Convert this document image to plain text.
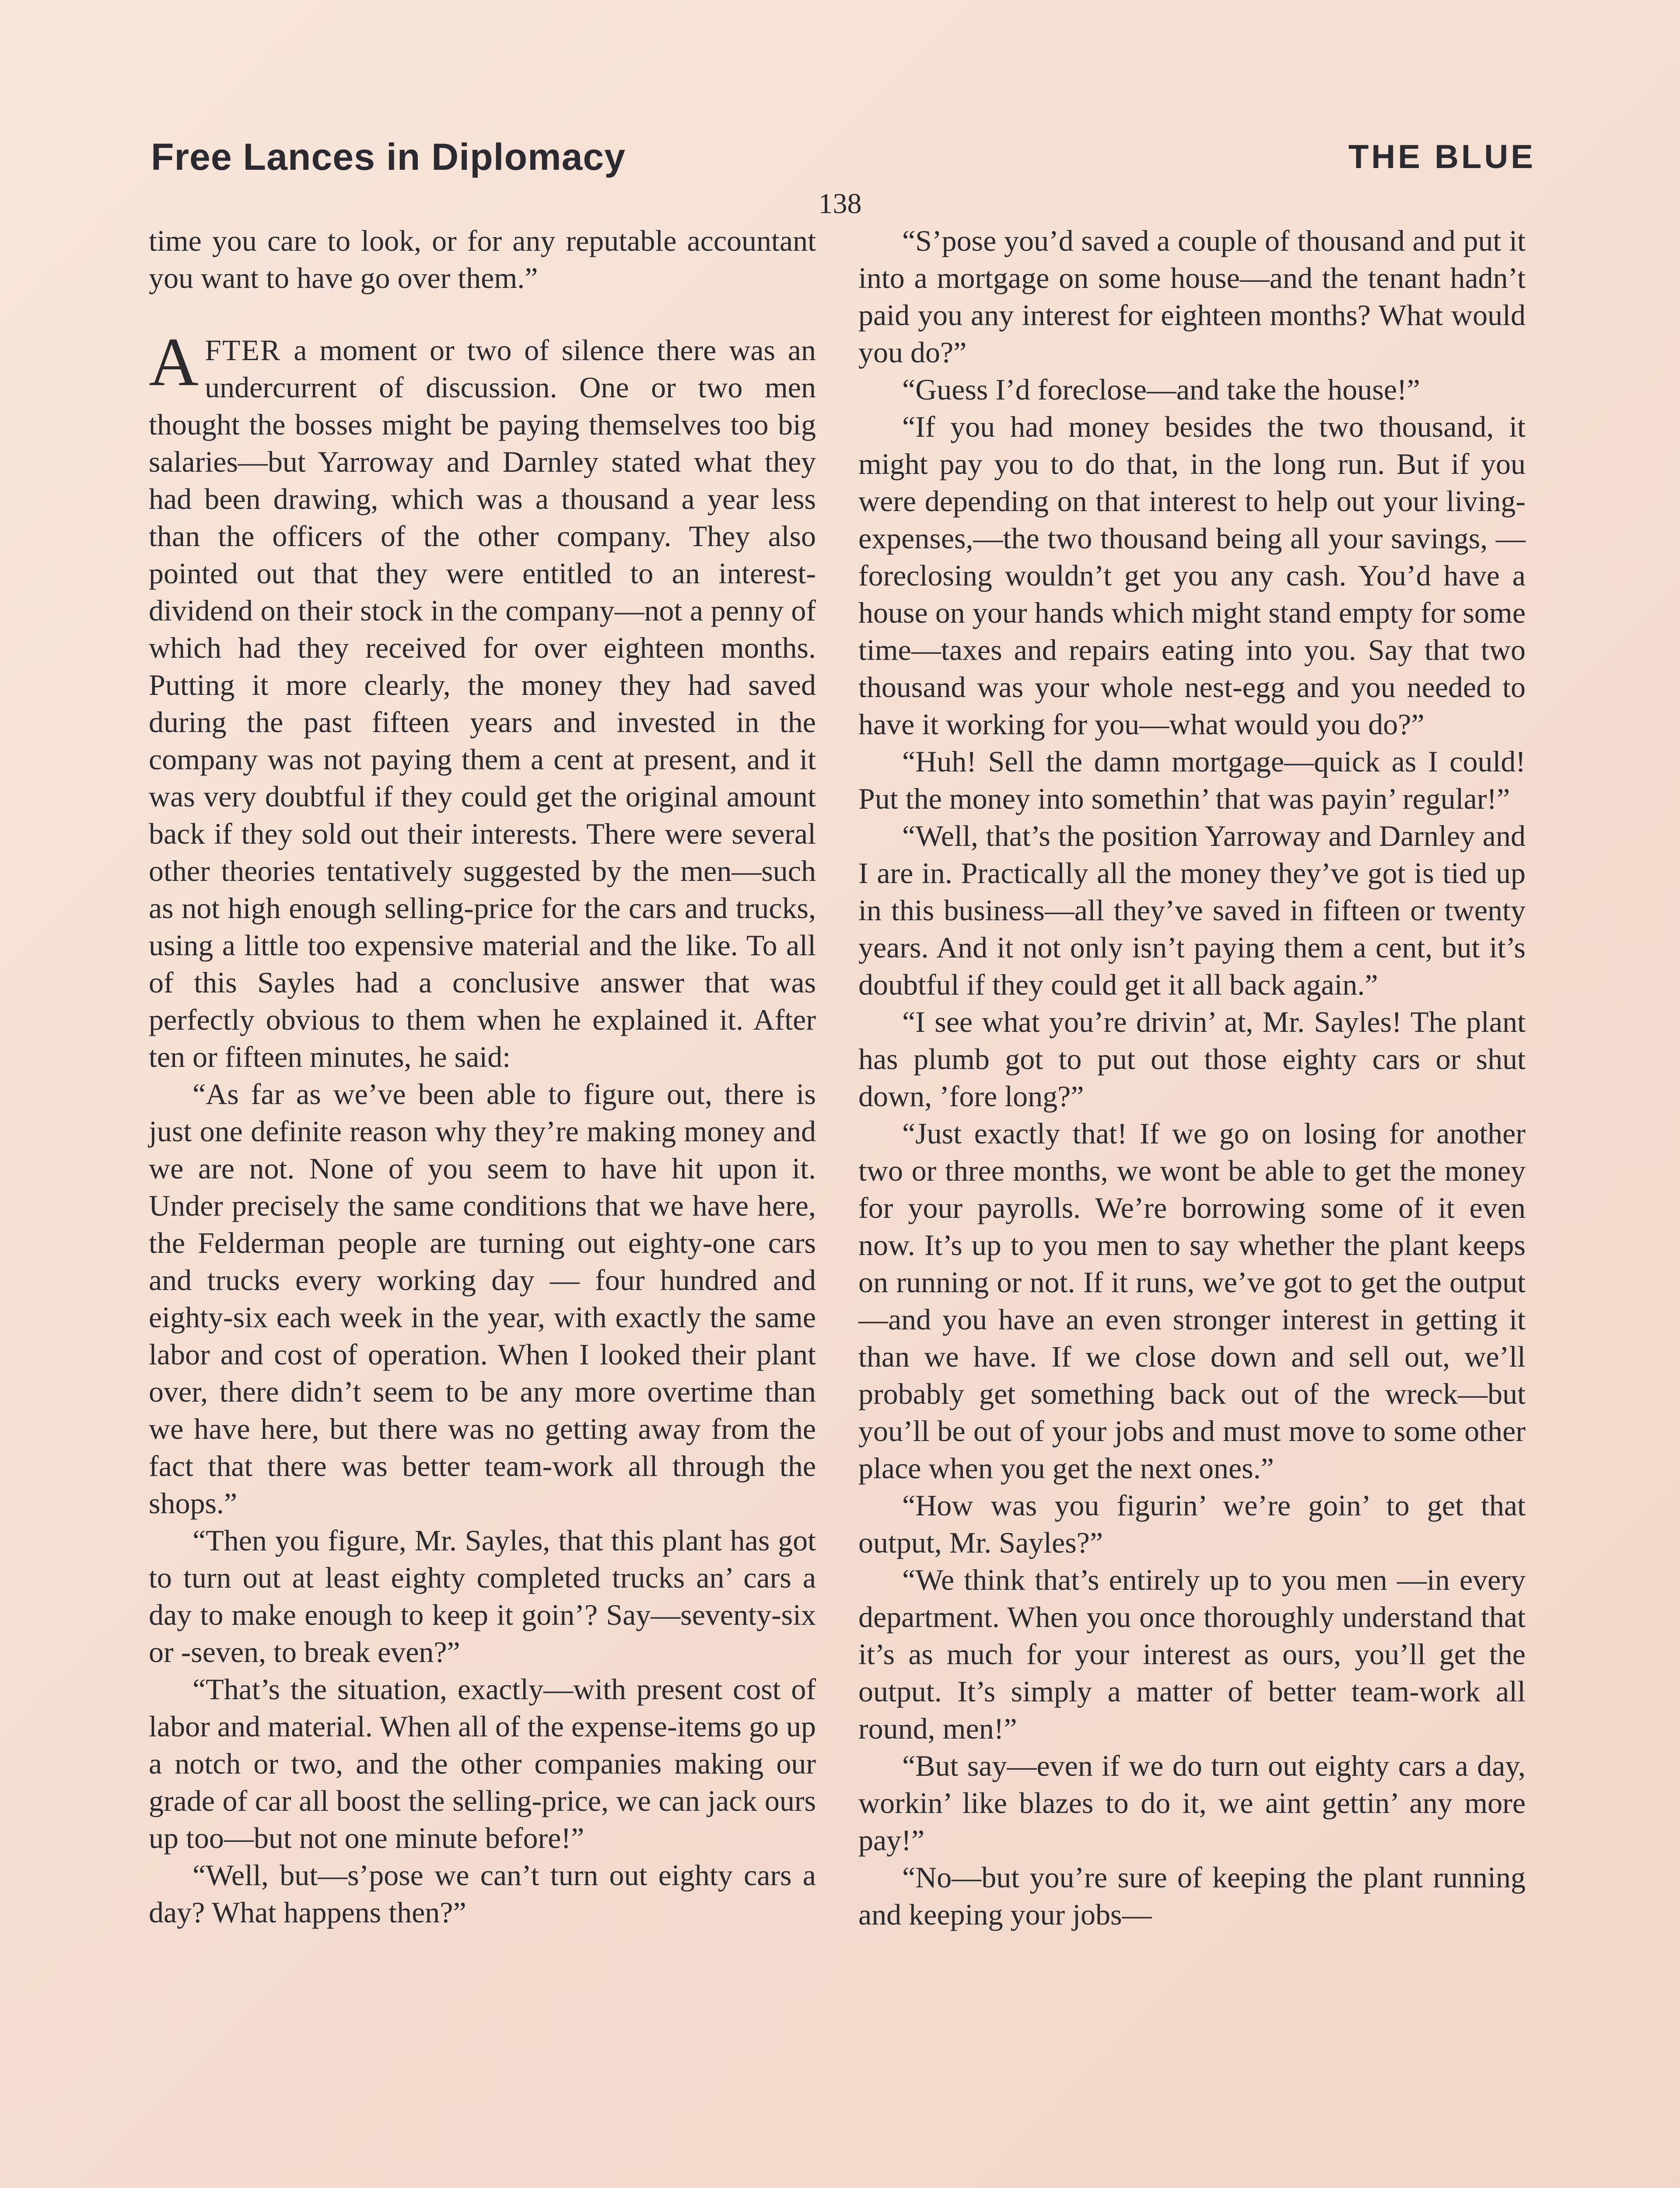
Free Lances in Diplomacy	THE BLUE
138

time you care to look, or for any reputable accountant you want to have go over them.”

AFTER a moment or two of silence there was an undercurrent of discussion. One or two men thought the bosses might be paying themselves too big salaries—but Yarroway and Darnley stated what they had been drawing, which was a thousand a year less than the officers of the other company. They also pointed out that they were entitled to an interest-dividend on their stock in the company—not a penny of which had they received for over eighteen months. Putting it more clearly, the money they had saved during the past fifteen years and invested in the company was not paying them a cent at present, and it was very doubtful if they could get the original amount back if they sold out their interests. There were several other theories tentatively suggested by the men—such as not high enough selling-price for the cars and trucks, using a little too expensive material and the like. To all of this Sayles had a conclusive answer that was perfectly obvious to them when he explained it. After ten or fifteen minutes, he said:

“As far as we’ve been able to figure out, there is just one definite reason why they’re making money and we are not. None of you seem to have hit upon it. Under precisely the same conditions that we have here, the Felderman people are turning out eighty-one cars and trucks every working day — four hundred and eighty-six each week in the year, with exactly the same labor and cost of operation. When I looked their plant over, there didn’t seem to be any more overtime than we have here, but there was no getting away from the fact that there was better team-work all through the shops.”

“Then you figure, Mr. Sayles, that this plant has got to turn out at least eighty completed trucks an’ cars a day to make enough to keep it goin’? Say—seventy-six or -seven, to break even?”

“That’s the situation, exactly—with present cost of labor and material. When all of the expense-items go up a notch or two, and the other companies making our grade of car all boost the selling-price, we can jack ours up too—but not one minute before!”

“Well, but—s’pose we can’t turn out eighty cars a day? What happens then?”

“S’pose you’d saved a couple of thousand and put it into a mortgage on some house—and the tenant hadn’t paid you any interest for eighteen months? What would you do?”

“Guess I’d foreclose—and take the house!”

“If you had money besides the two thousand, it might pay you to do that, in the long run. But if you were depending on that interest to help out your living-expenses,—the two thousand being all your savings, — foreclosing wouldn’t get you any cash. You’d have a house on your hands which might stand empty for some time—taxes and repairs eating into you. Say that two thousand was your whole nest-egg and you needed to have it working for you—what would you do?”

“Huh! Sell the damn mortgage—quick as I could! Put the money into somethin’ that was payin’ regular!”

“Well, that’s the position Yarroway and Darnley and I are in. Practically all the money they’ve got is tied up in this business—all they’ve saved in fifteen or twenty years. And it not only isn’t paying them a cent, but it’s doubtful if they could get it all back again.”

“I see what you’re drivin’ at, Mr. Sayles! The plant has plumb got to put out those eighty cars or shut down, ’fore long?”

“Just exactly that! If we go on losing for another two or three months, we wont be able to get the money for your payrolls. We’re borrowing some of it even now. It’s up to you men to say whether the plant keeps on running or not. If it runs, we’ve got to get the output—and you have an even stronger interest in getting it than we have. If we close down and sell out, we’ll probably get something back out of the wreck—but you’ll be out of your jobs and must move to some other place when you get the next ones.”

“How was you figurin’ we’re goin’ to get that output, Mr. Sayles?”

“We think that’s entirely up to you men —in every department. When you once thoroughly understand that it’s as much for your interest as ours, you’ll get the output. It’s simply a matter of better team-work all round, men!”

“But say—even if we do turn out eighty cars a day, workin’ like blazes to do it, we aint gettin’ any more pay!”

“No—but you’re sure of keeping the plant running and keeping your jobs—
